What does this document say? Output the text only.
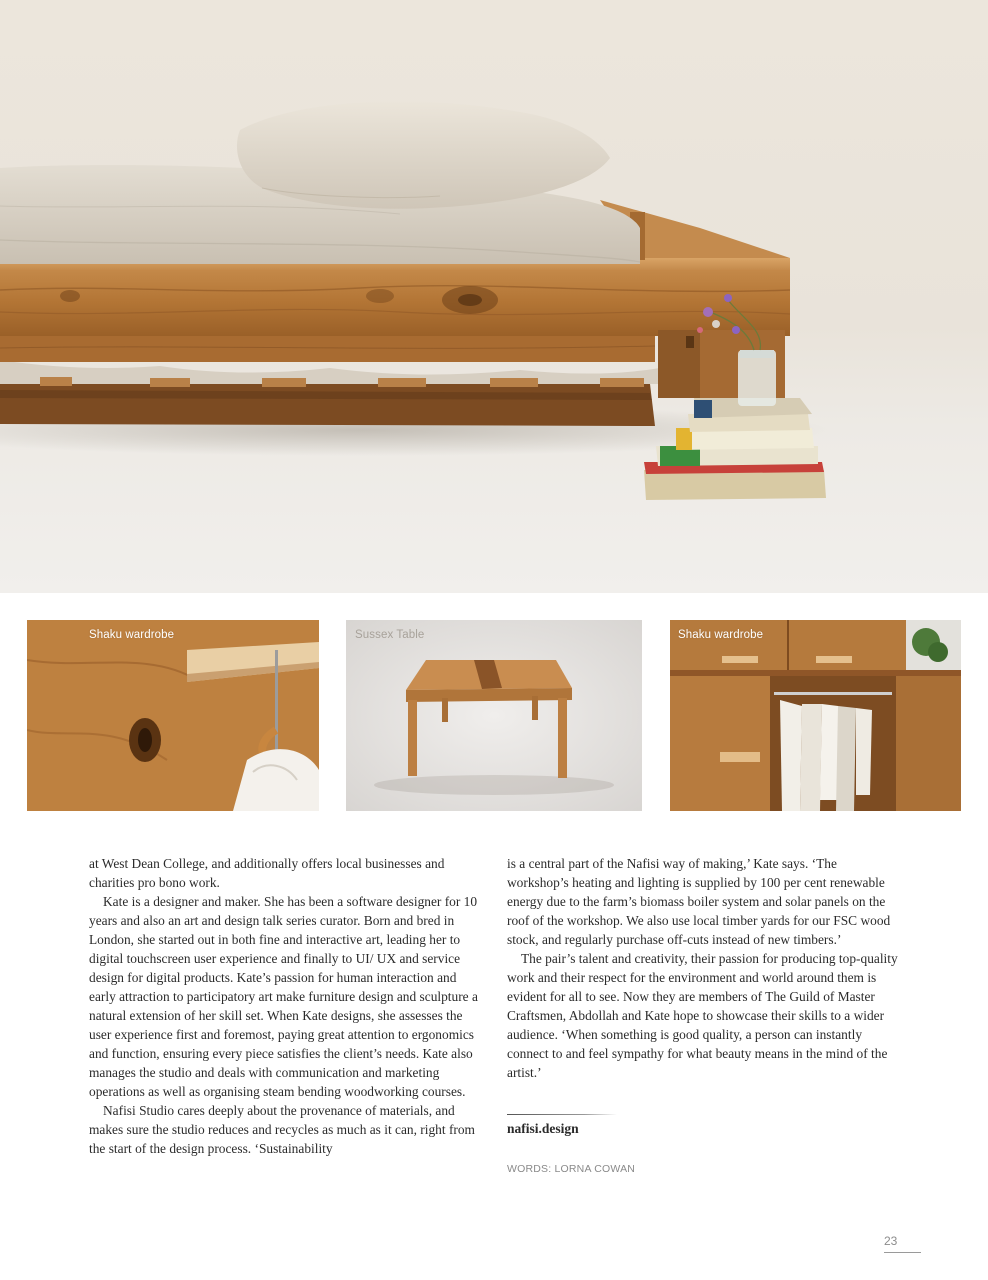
Shaku wardrobe	Sussex Table	Shaku wardrobe

at West Dean College, and additionally offers local businesses and charities pro bono work.

Kate is a designer and maker. She has been a software designer for 10 years and also an art and design talk series curator. Born and bred in London, she started out in both fine and interactive art, leading her to digital touchscreen user experience and finally to UI/ UX and service design for digital products. Kate’s passion for human interaction and early attraction to participatory art make furniture design and sculpture a natural extension of her skill set. When Kate designs, she assesses the user experience first and foremost, paying great attention to ergonomics and function, ensuring every piece satisfies the client’s needs. Kate also manages the studio and deals with communication and marketing operations as well as organising steam bending woodworking courses.

Nafisi Studio cares deeply about the provenance of materials, and makes sure the studio reduces and recycles as much as it can, right from the start of the design process. ‘Sustainability

is a central part of the Nafisi way of making,’ Kate says. ‘The workshop’s heating and lighting is supplied by 100 per cent renewable energy due to the farm’s biomass boiler system and solar panels on the roof of the workshop. We also use local timber yards for our FSC wood stock, and regularly purchase off-cuts instead of new timbers.’

The pair’s talent and creativity, their passion for producing top-quality work and their respect for the environment and world around them is evident for all to see. Now they are members of The Guild of Master Craftsmen, Abdollah and Kate hope to showcase their skills to a wider audience. ‘When something is good quality, a person can instantly connect to and feel sympathy for what beauty means in the mind of the artist.’

nafisi.design
WORDS: LORNA COWAN
23
